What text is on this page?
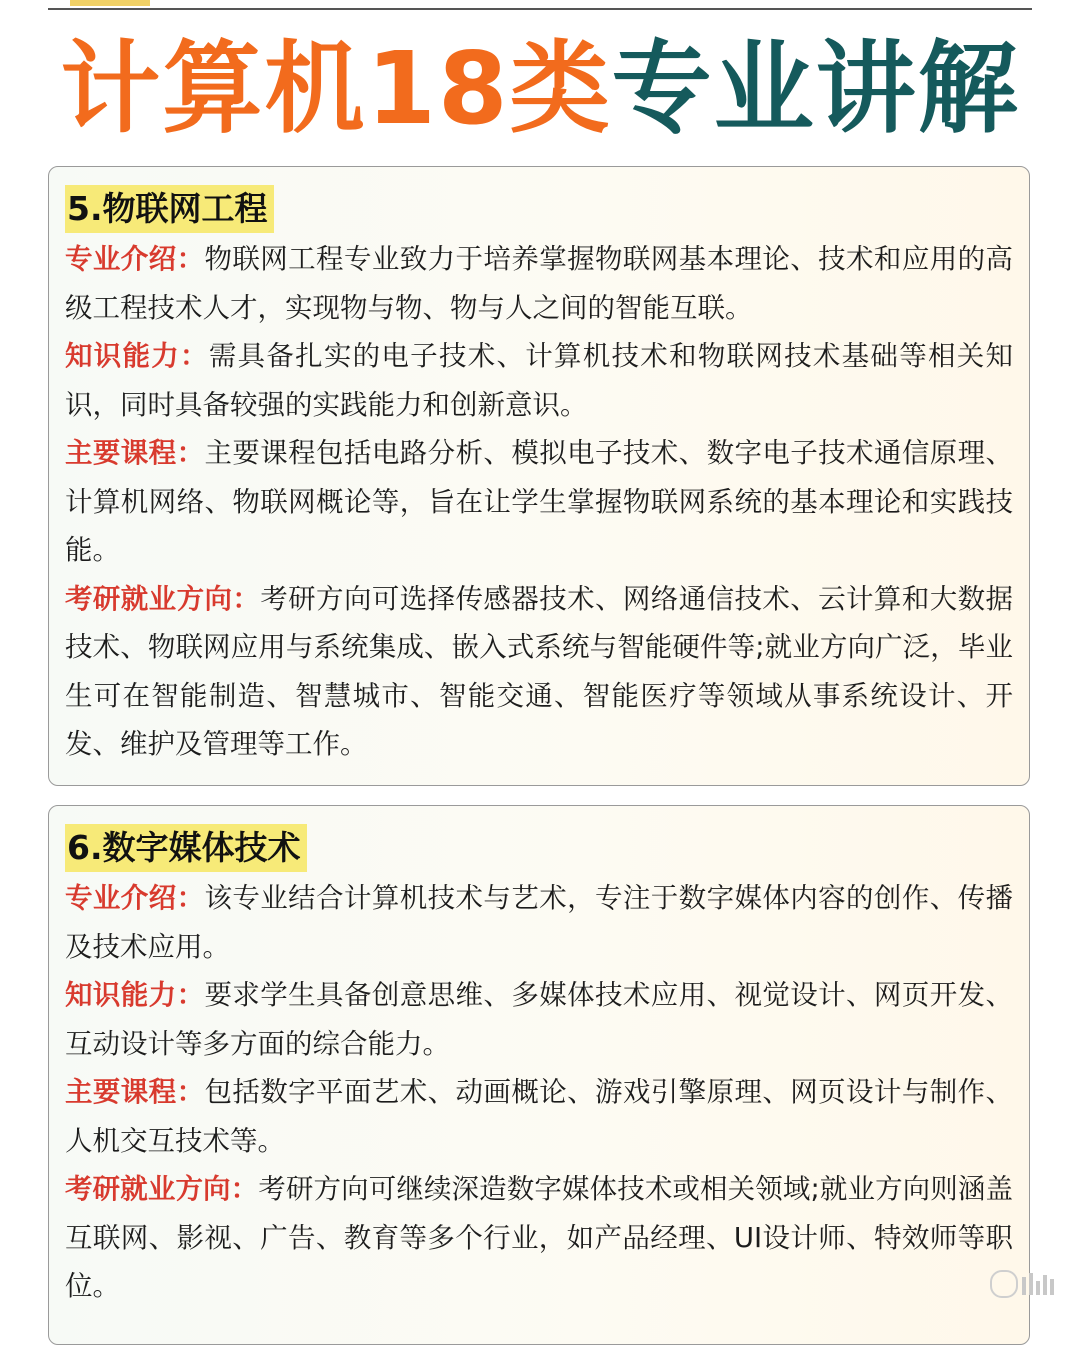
计算机18类专业讲解
5.物联网工程

专业介绍：物联网工程专业致力于培养掌握物联网基本理论、技术和应用的高级工程技术人才，实现物与物、物与人之间的智能互联。

知识能力：需具备扎实的电子技术、计算机技术和物联网技术基础等相关知识，同时具备较强的实践能力和创新意识。

主要课程：主要课程包括电路分析、模拟电子技术、数字电子技术通信原理、计算机网络、物联网概论等，旨在让学生掌握物联网系统的基本理论和实践技能。

考研就业方向：考研方向可选择传感器技术、网络通信技术、云计算和大数据技术、物联网应用与系统集成、嵌入式系统与智能硬件等;就业方向广泛，毕业生可在智能制造、智慧城市、智能交通、智能医疗等领域从事系统设计、开发、维护及管理等工作。

6.数字媒体技术

专业介绍：该专业结合计算机技术与艺术，专注于数字媒体内容的创作、传播及技术应用。

知识能力：要求学生具备创意思维、多媒体技术应用、视觉设计、网页开发、互动设计等多方面的综合能力。

主要课程：包括数字平面艺术、动画概论、游戏引擎原理、网页设计与制作、人机交互技术等。

考研就业方向：考研方向可继续深造数字媒体技术或相关领域;就业方向则涵盖互联网、影视、广告、教育等多个行业，如产品经理、UI设计师、特效师等职位。
